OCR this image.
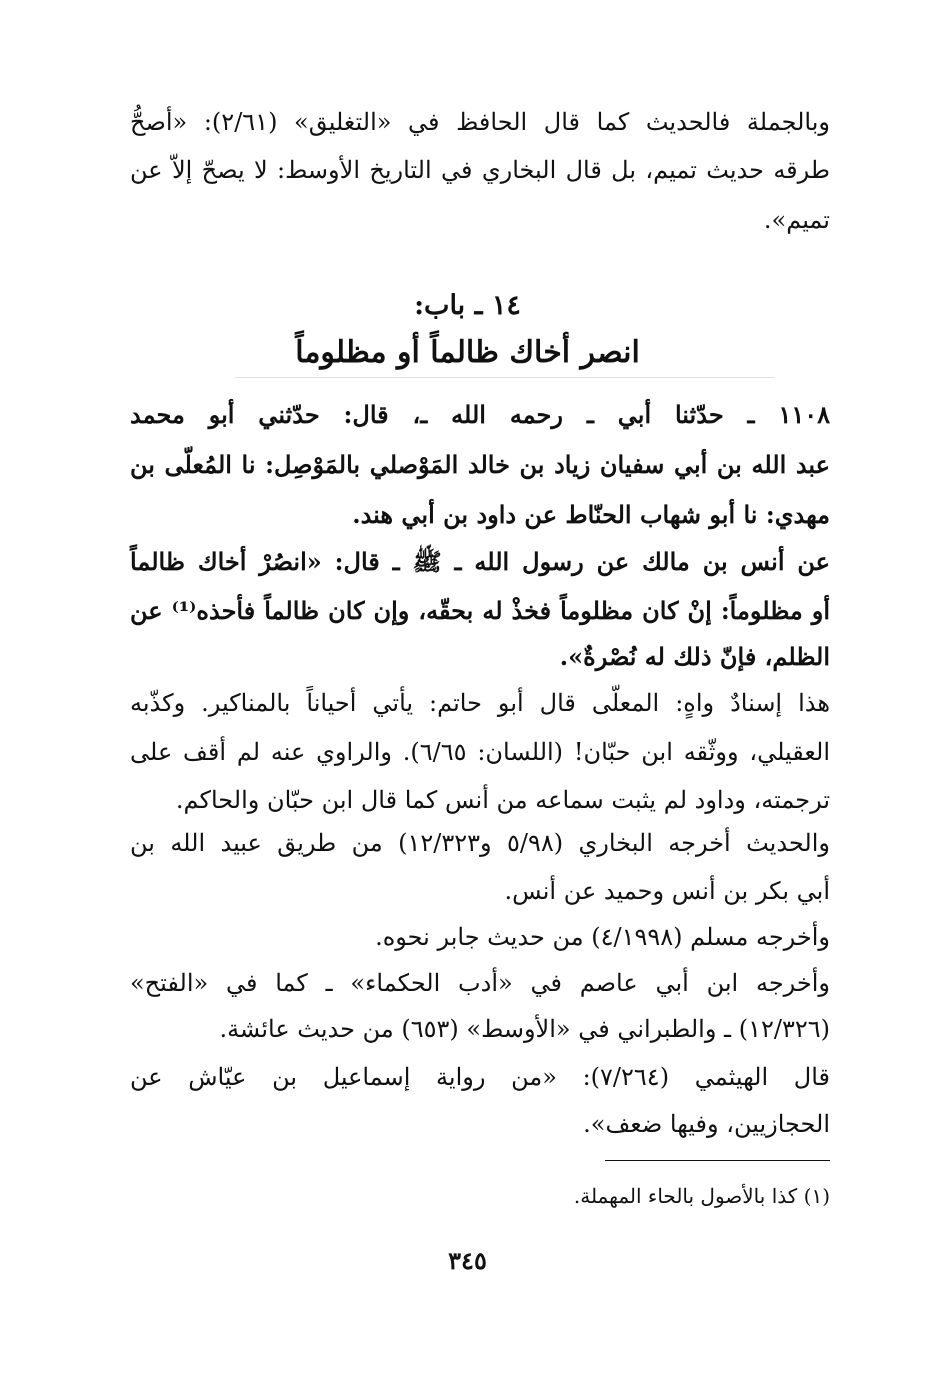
وبالجملة فالحديث كما قال الحافظ في «التغليق» (٢/٦١): «أصحُّ
طرقه حديث تميم، بل قال البخاري في التاريخ الأوسط: لا يصحّ إلاّ عن
تميم».
١٤ ـ باب:
انصر أخاك ظالماً أو مظلوماً
١١٠٨ ـ حدّثنا أبي ـ رحمه الله ـ، قال: حدّثني أبو محمد
عبد الله بن أبي سفيان زياد بن خالد المَوْصلي بالمَوْصِل: نا المُعلّى بن
مهدي: نا أبو شهاب الحنّاط عن داود بن أبي هند.
عن أنس بن مالك عن رسول الله ـ ﷺ ـ قال: «انصُرْ أخاك ظالماً
أو مظلوماً: إنْ كان مظلوماً فخذْ له بحقّه، وإن كان ظالماً فأحذه⁽¹⁾ عن
الظلم، فإنّ ذلك له نُصْرةٌ».
هذا إسنادٌ واهٍ: المعلّى قال أبو حاتم: يأتي أحياناً بالمناكير. وكذّبه
العقيلي، ووثّقه ابن حبّان! (اللسان: ٦/٦٥). والراوي عنه لم أقف على
ترجمته، وداود لم يثبت سماعه من أنس كما قال ابن حبّان والحاكم.
والحديث أخرجه البخاري (٥/٩٨ و١٢/٣٢٣) من طريق عبيد الله بن
أبي بكر بن أنس وحميد عن أنس.
وأخرجه مسلم (٤/١٩٩٨) من حديث جابر نحوه.
وأخرجه ابن أبي عاصم في «أدب الحكماء» ـ كما في «الفتح»
(١٢/٣٢٦) ـ والطبراني في «الأوسط» (٦٥٣) من حديث عائشة.
قال الهيثمي (٧/٢٦٤): «من رواية إسماعيل بن عيّاش عن
الحجازيين، وفيها ضعف».
(١) كذا بالأصول بالحاء المهملة.
٣٤٥
